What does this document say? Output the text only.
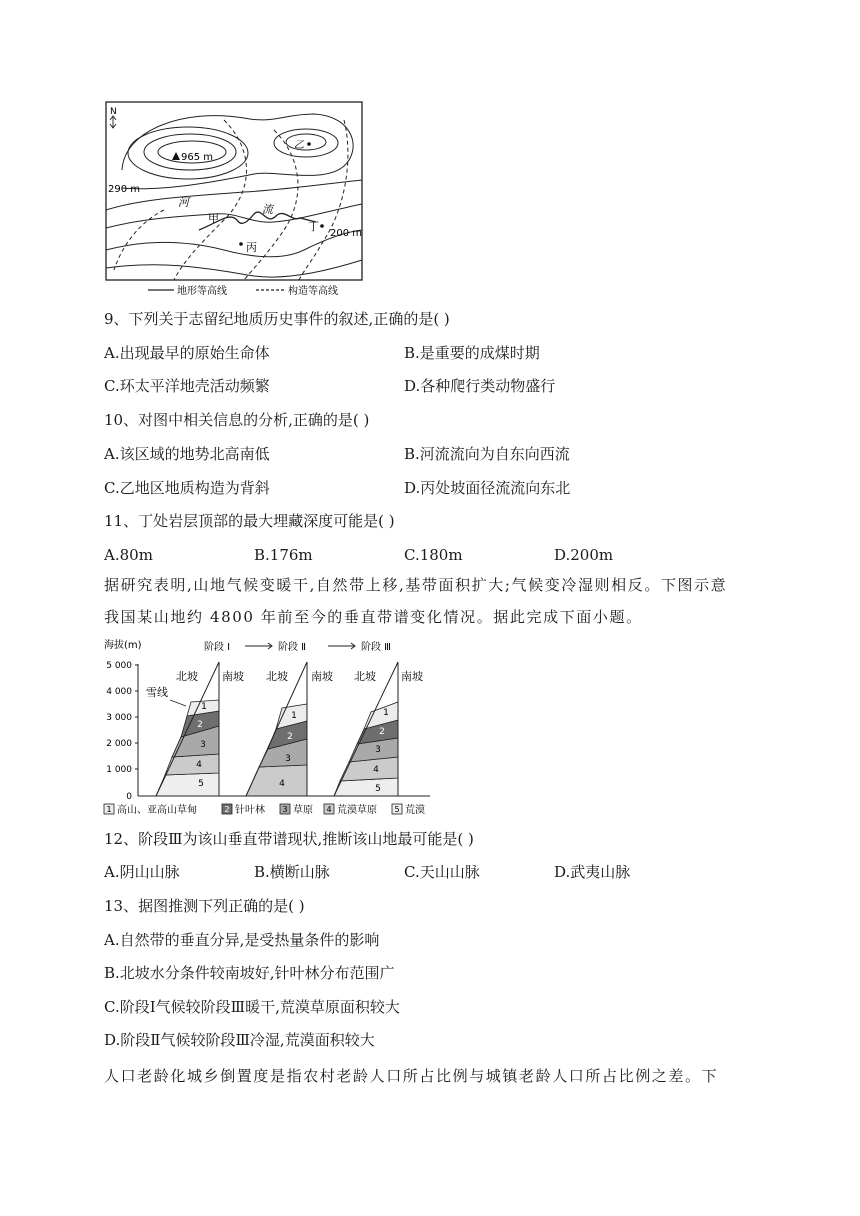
N
965 m
乙
290 m
200 m
河
流
甲
丁
丙
地形等高线	构造等高线
9、下列关于志留纪地质历史事件的叙述,正确的是( )
A.出现最早的原始生命体	B.是重要的成煤时期
C.环太平洋地壳活动频繁	D.各种爬行类动物盛行
10、对图中相关信息的分析,正确的是( )
A.该区域的地势北高南低	B.河流流向为自东向西流
C.乙地区地质构造为背斜	D.丙处坡面径流流向东北
11、丁处岩层顶部的最大埋藏深度可能是( )
A.80m	B.176m	C.180m	D.200m
据研究表明,山地气候变暖干,自然带上移,基带面积扩大;气候变冷湿则相反。下图示意
我国某山地约 4800 年前至今的垂直带谱变化情况。据此完成下面小题。
海拔(m)
5 000
4 000
3 000
2 000
1 000
0
阶段 Ⅰ	阶段 Ⅱ	阶段 Ⅲ
5
4
3
2
1
北坡 南坡
雪线
4
3
2
1
北坡 南坡
5
4
3
2
1
北坡 南坡
1 高山、亚高山草甸	2 针叶林 3 草原 4 荒漠草原 5 荒漠
12、阶段Ⅲ为该山垂直带谱现状,推断该山地最可能是( )
A.阴山山脉	B.横断山脉	C.天山山脉	D.武夷山脉
13、据图推测下列正确的是( )
A.自然带的垂直分异,是受热量条件的影响
B.北坡水分条件较南坡好,针叶林分布范围广
C.阶段Ⅰ气候较阶段Ⅲ暖干,荒漠草原面积较大
D.阶段Ⅱ气候较阶段Ⅲ冷湿,荒漠面积较大
人口老龄化城乡倒置度是指农村老龄人口所占比例与城镇老龄人口所占比例之差。下
